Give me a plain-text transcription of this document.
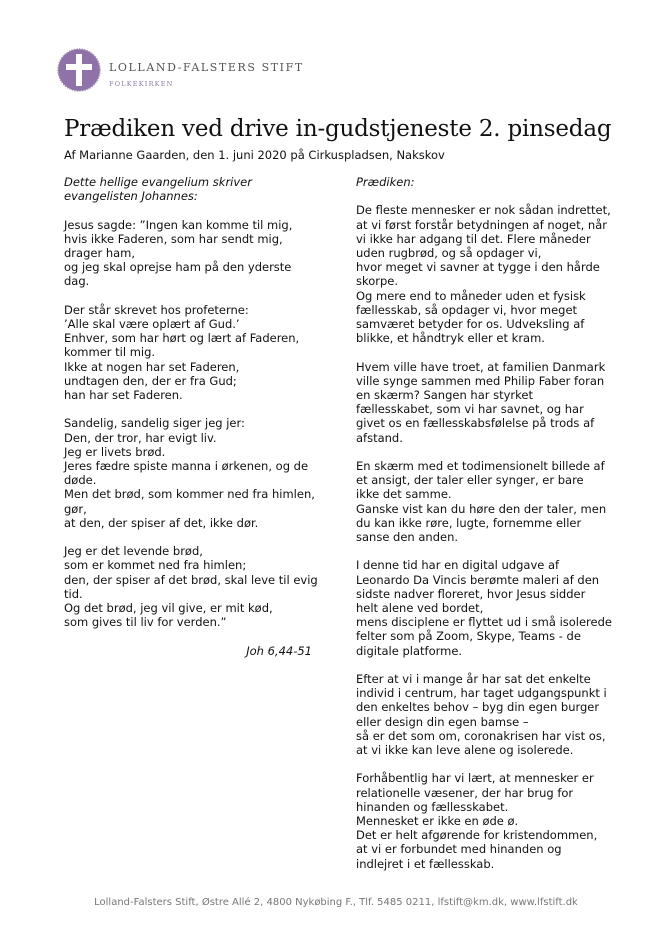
LOLLAND-FALSTERS STIFT
FOLKEKIRKEN
Prædiken ved drive in-gudstjeneste 2. pinsedag
Af Marianne Gaarden, den 1. juni 2020 på Cirkuspladsen, Nakskov
Dette hellige evangelium skriver
evangelisten Johannes:
Jesus sagde: ”Ingen kan komme til mig,
hvis ikke Faderen, som har sendt mig,
drager ham,
og jeg skal oprejse ham på den yderste
dag.
Der står skrevet hos profeterne:
’Alle skal være oplært af Gud.’
Enhver, som har hørt og lært af Faderen,
kommer til mig.
Ikke at nogen har set Faderen,
undtagen den, der er fra Gud;
han har set Faderen.
Sandelig, sandelig siger jeg jer:
Den, der tror, har evigt liv.
Jeg er livets brød.
Jeres fædre spiste manna i ørkenen, og de
døde.
Men det brød, som kommer ned fra himlen,
gør,
at den, der spiser af det, ikke dør.
Jeg er det levende brød,
som er kommet ned fra himlen;
den, der spiser af det brød, skal leve til evig
tid.
Og det brød, jeg vil give, er mit kød,
som gives til liv for verden.”
Joh 6,44-51
Prædiken:
De fleste mennesker er nok sådan indrettet,
at vi først forstår betydningen af noget, når
vi ikke har adgang til det. Flere måneder
uden rugbrød, og så opdager vi,
hvor meget vi savner at tygge i den hårde
skorpe.
Og mere end to måneder uden et fysisk
fællesskab, så opdager vi, hvor meget
samværet betyder for os. Udveksling af
blikke, et håndtryk eller et kram.
Hvem ville have troet, at familien Danmark
ville synge sammen med Philip Faber foran
en skærm? Sangen har styrket
fællesskabet, som vi har savnet, og har
givet os en fællesskabsfølelse på trods af
afstand.
En skærm med et todimensionelt billede af
et ansigt, der taler eller synger, er bare
ikke det samme.
Ganske vist kan du høre den der taler, men
du kan ikke røre, lugte, fornemme eller
sanse den anden.
I denne tid har en digital udgave af
Leonardo Da Vincis berømte maleri af den
sidste nadver floreret, hvor Jesus sidder
helt alene ved bordet,
mens disciplene er flyttet ud i små isolerede
felter som på Zoom, Skype, Teams - de
digitale platforme.
Efter at vi i mange år har sat det enkelte
individ i centrum, har taget udgangspunkt i
den enkeltes behov – byg din egen burger
eller design din egen bamse –
så er det som om, coronakrisen har vist os,
at vi ikke kan leve alene og isolerede.
Forhåbentlig har vi lært, at mennesker er
relationelle væsener, der har brug for
hinanden og fællesskabet.
Mennesket er ikke en øde ø.
Det er helt afgørende for kristendommen,
at vi er forbundet med hinanden og
indlejret i et fællesskab.
Lolland-Falsters Stift, Østre Allé 2, 4800 Nykøbing F., Tlf. 5485 0211, lfstift@km.dk, www.lfstift.dk
